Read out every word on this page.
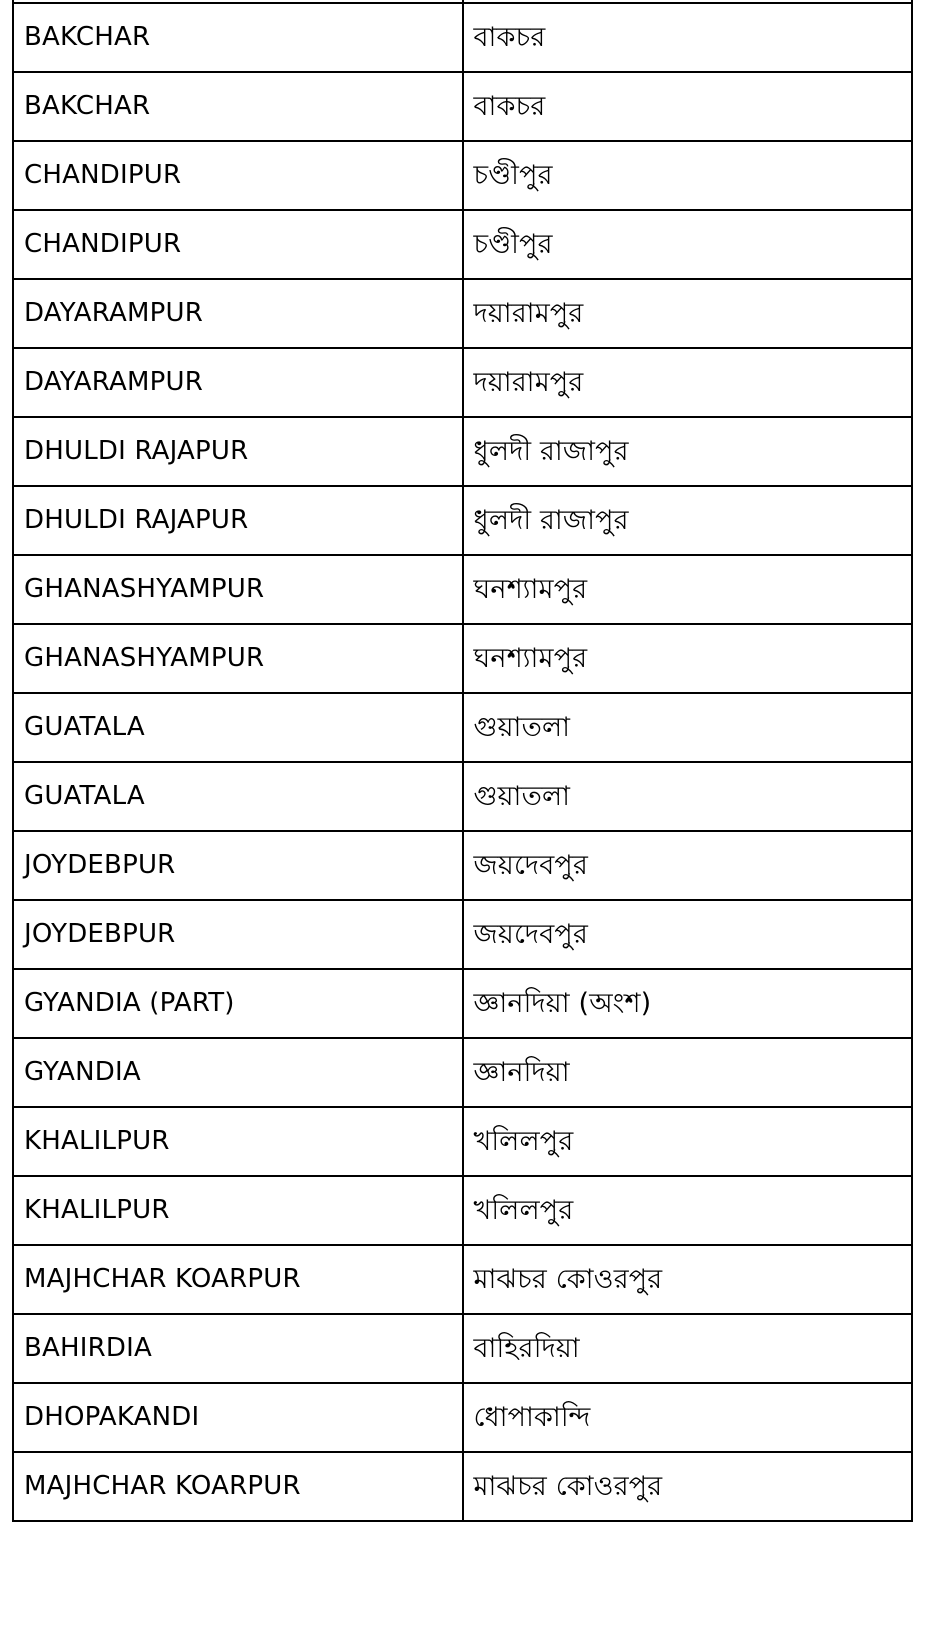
BAKCHAR	বাকচর
BAKCHAR	বাকচর
CHANDIPUR	চণ্ডীপুর
CHANDIPUR	চণ্ডীপুর
DAYARAMPUR	দয়ারামপুর
DAYARAMPUR	দয়ারামপুর
DHULDI RAJAPUR	ধুলদী রাজাপুর
DHULDI RAJAPUR	ধুলদী রাজাপুর
GHANASHYAMPUR	ঘনশ্যামপুর
GHANASHYAMPUR	ঘনশ্যামপুর
GUATALA	গুয়াতলা
GUATALA	গুয়াতলা
JOYDEBPUR	জয়দেবপুর
JOYDEBPUR	জয়দেবপুর
GYANDIA (PART)	জ্ঞানদিয়া (অংশ)
GYANDIA	জ্ঞানদিয়া
KHALILPUR	খলিলপুর
KHALILPUR	খলিলপুর
MAJHCHAR KOARPUR	মাঝচর কোওরপুর
BAHIRDIA	বাহিরদিয়া
DHOPAKANDI	ধোপাকান্দি
MAJHCHAR KOARPUR	মাঝচর কোওরপুর
